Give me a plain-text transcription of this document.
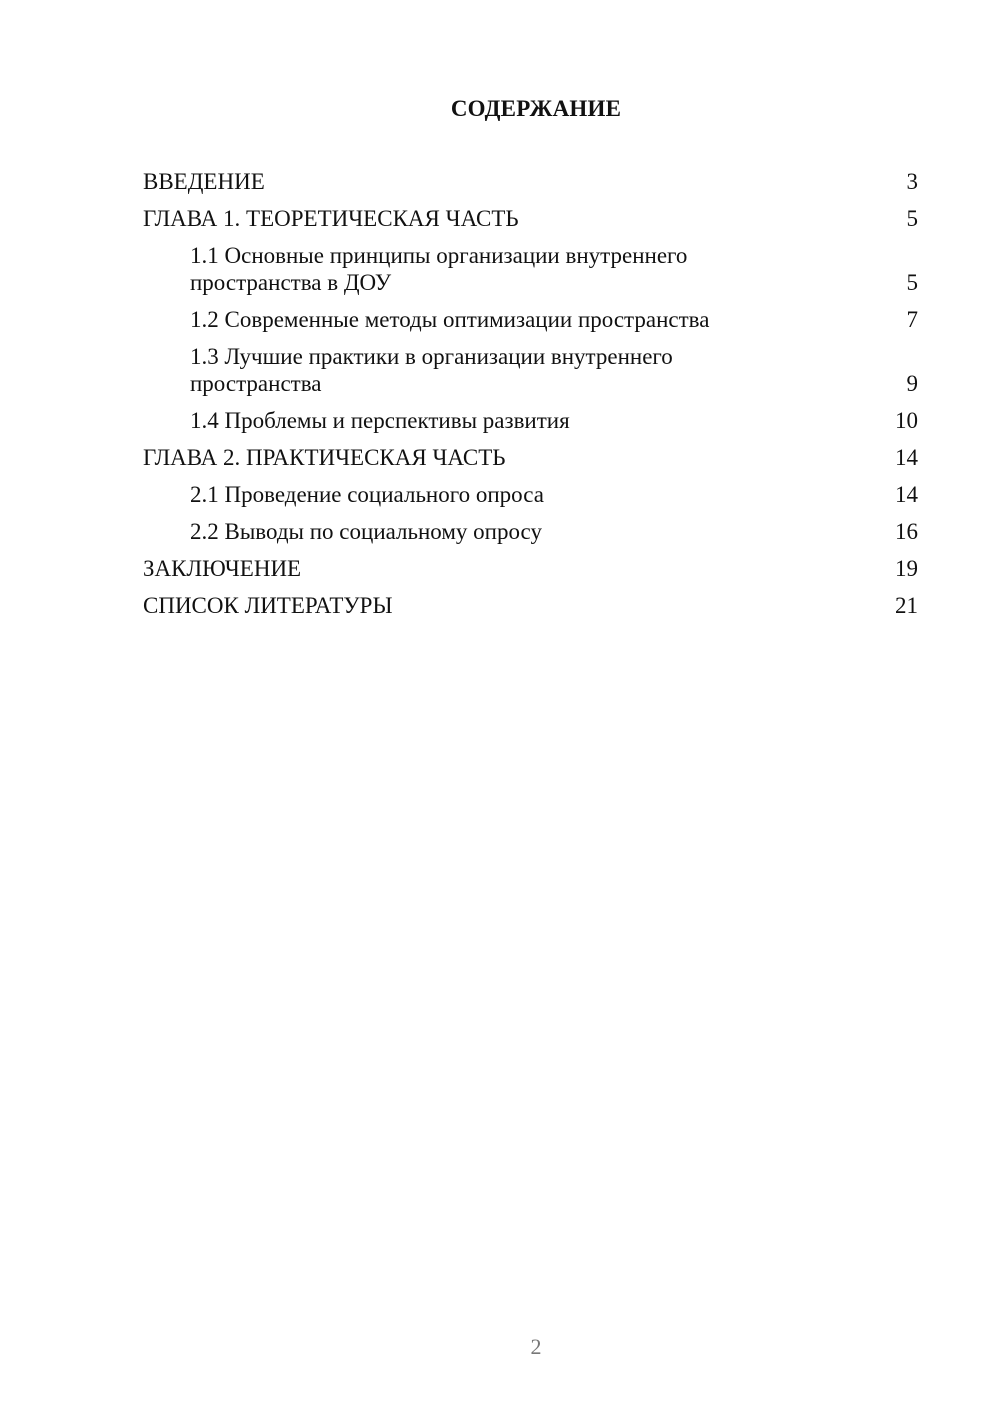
СОДЕРЖАНИЕ
ВВЕДЕНИЕ	3
ГЛАВА 1. ТЕОРЕТИЧЕСКАЯ ЧАСТЬ	5
1.1 Основные принципы организации внутреннего пространства в ДОУ	5
1.2 Современные методы оптимизации пространства	7
1.3 Лучшие практики в организации внутреннего пространства	9
1.4 Проблемы и перспективы развития	10
ГЛАВА 2. ПРАКТИЧЕСКАЯ ЧАСТЬ	14
2.1 Проведение социального опроса	14
2.2 Выводы по социальному опросу	16
ЗАКЛЮЧЕНИЕ	19
СПИСОК ЛИТЕРАТУРЫ	21
2
